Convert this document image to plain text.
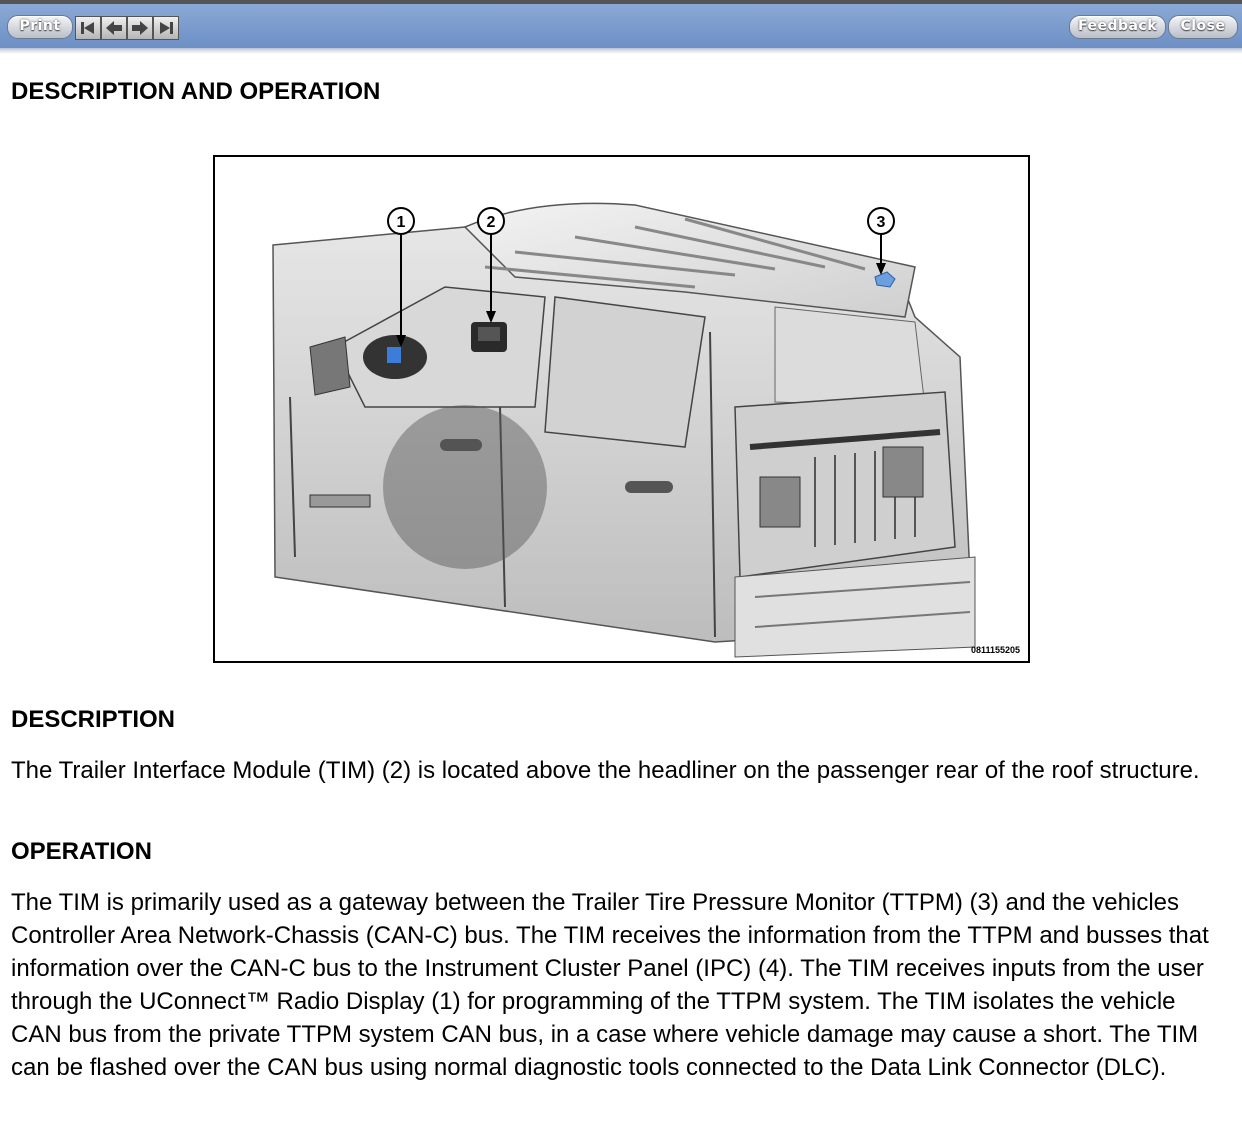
Print	Feedback	Close
DESCRIPTION AND OPERATION
1	2	3
0811155205
DESCRIPTION

The Trailer Interface Module (TIM) (2) is located above the headliner on the passenger rear of the roof structure.

OPERATION

The TIM is primarily used as a gateway between the Trailer Tire Pressure Monitor (TTPM) (3) and the vehicles Controller Area Network-Chassis (CAN-C) bus. The TIM receives the information from the TTPM and busses that information over the CAN-C bus to the Instrument Cluster Panel (IPC) (4). The TIM receives inputs from the user through the UConnect™ Radio Display (1) for programming of the TTPM system. The TIM isolates the vehicle CAN bus from the private TTPM system CAN bus, in a case where vehicle damage may cause a short. The TIM can be flashed over the CAN bus using normal diagnostic tools connected to the Data Link Connector (DLC).
